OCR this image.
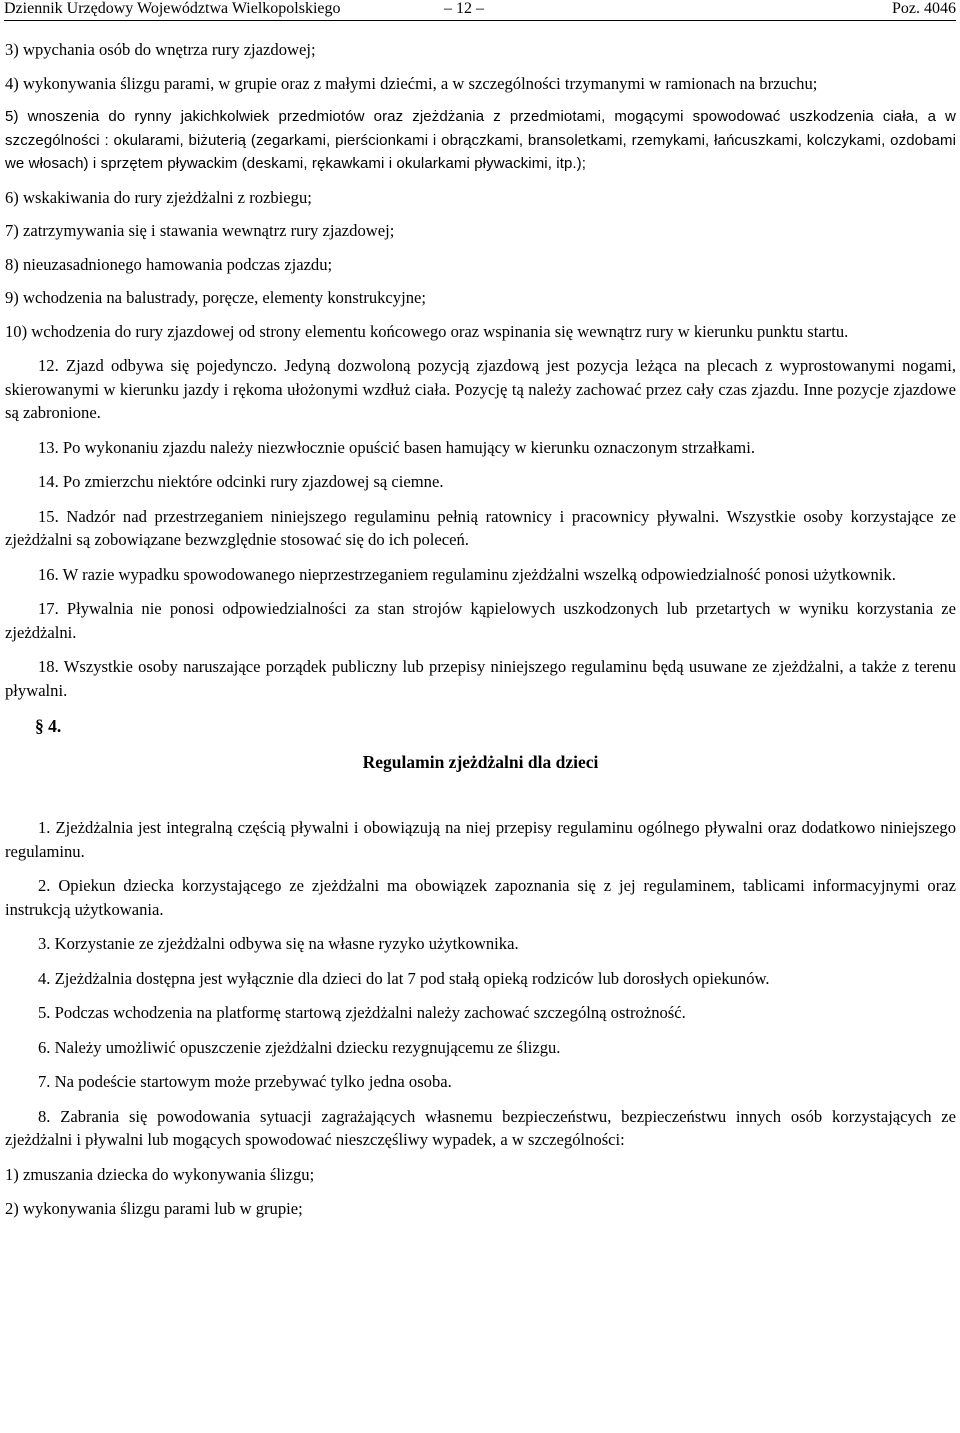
Dziennik Urzędowy Województwa Wielkopolskiego	– 12 –	Poz. 4046

3) wpychania osób do wnętrza rury zjazdowej;

4) wykonywania ślizgu parami, w grupie oraz z małymi dziećmi, a w szczególności trzymanymi w ramionach na brzuchu;

5) wnoszenia do rynny jakichkolwiek przedmiotów oraz zjeżdżania z przedmiotami, mogącymi spowodować uszkodzenia ciała, a w szczególności : okularami, biżuterią (zegarkami, pierścionkami i obrączkami, bransoletkami, rzemykami, łańcuszkami, kolczykami, ozdobami we włosach) i sprzętem pływackim (deskami, rękawkami i okularkami pływackimi, itp.);

6) wskakiwania do rury zjeżdżalni z rozbiegu;

7) zatrzymywania się i stawania wewnątrz rury zjazdowej;

8) nieuzasadnionego hamowania podczas zjazdu;

9) wchodzenia na balustrady, poręcze, elementy konstrukcyjne;

10) wchodzenia do rury zjazdowej od strony elementu końcowego oraz wspinania się wewnątrz rury w kierunku punktu startu.

12. Zjazd odbywa się pojedynczo. Jedyną dozwoloną pozycją zjazdową jest pozycja leżąca na plecach z wyprostowanymi nogami, skierowanymi w kierunku jazdy i rękoma ułożonymi wzdłuż ciała. Pozycję tą należy zachować przez cały czas zjazdu. Inne pozycje zjazdowe są zabronione.

13. Po wykonaniu zjazdu należy niezwłocznie opuścić basen hamujący w kierunku oznaczonym strzałkami.

14. Po zmierzchu niektóre odcinki rury zjazdowej są ciemne.

15. Nadzór nad przestrzeganiem niniejszego regulaminu pełnią ratownicy i pracownicy pływalni. Wszystkie osoby korzystające ze zjeżdżalni są zobowiązane bezwzględnie stosować się do ich poleceń.

16. W razie wypadku spowodowanego nieprzestrzeganiem regulaminu zjeżdżalni wszelką odpowiedzialność ponosi użytkownik.

17. Pływalnia nie ponosi odpowiedzialności za stan strojów kąpielowych uszkodzonych lub przetartych w wyniku korzystania ze zjeżdżalni.

18. Wszystkie osoby naruszające porządek publiczny lub przepisy niniejszego regulaminu będą usuwane ze zjeżdżalni, a także z terenu pływalni.

§ 4.

Regulamin zjeżdżalni dla dzieci

1. Zjeżdżalnia jest integralną częścią pływalni i obowiązują na niej przepisy regulaminu ogólnego pływalni oraz dodatkowo niniejszego regulaminu.

2. Opiekun dziecka korzystającego ze zjeżdżalni ma obowiązek zapoznania się z jej regulaminem, tablicami informacyjnymi oraz instrukcją użytkowania.

3. Korzystanie ze zjeżdżalni odbywa się na własne ryzyko użytkownika.

4. Zjeżdżalnia dostępna jest wyłącznie dla dzieci do lat 7 pod stałą opieką rodziców lub dorosłych opiekunów.

5. Podczas wchodzenia na platformę startową zjeżdżalni należy zachować szczególną ostrożność.

6. Należy umożliwić opuszczenie zjeżdżalni dziecku rezygnującemu ze ślizgu.

7. Na podeście startowym może przebywać tylko jedna osoba.

8. Zabrania się powodowania sytuacji zagrażających własnemu bezpieczeństwu, bezpieczeństwu innych osób korzystających ze zjeżdżalni i pływalni lub mogących spowodować nieszczęśliwy wypadek, a w szczególności:

1) zmuszania dziecka do wykonywania ślizgu;

2) wykonywania ślizgu parami lub w grupie;
